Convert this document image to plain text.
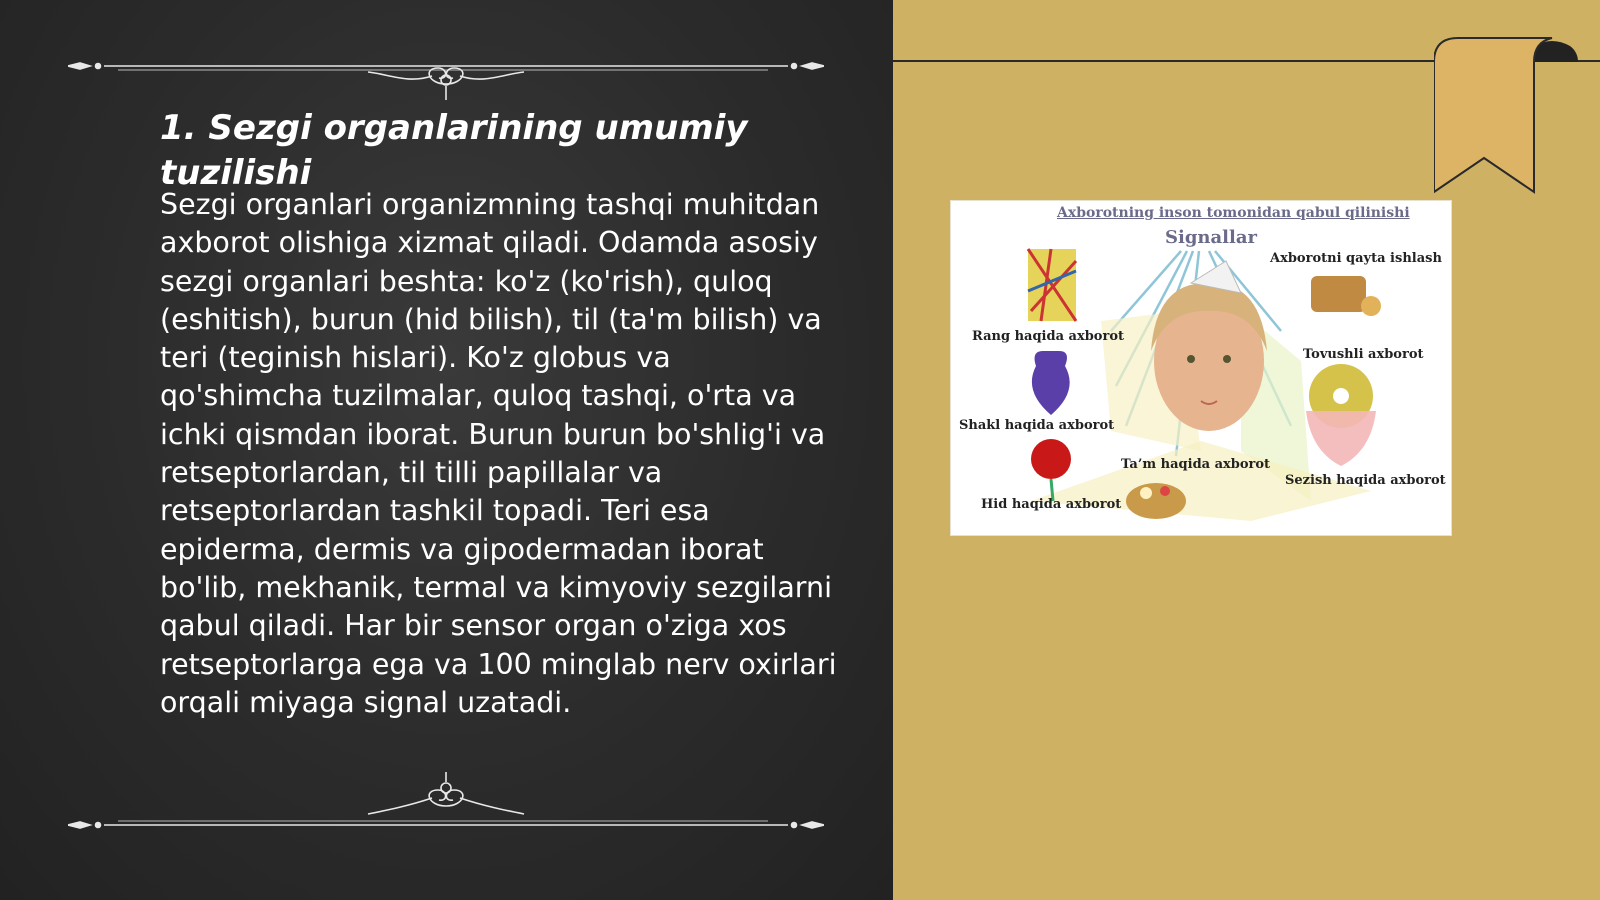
1. Sezgi organlarining umumiy tuzilishi

Sezgi organlari organizmning tashqi muhitdan axborot olishiga xizmat qiladi. Odamda asosiy sezgi organlari beshta: ko'z (ko'rish), quloq (eshitish), burun (hid bilish), til (ta'm bilish) va teri (teginish hislari). Ko'z globus va qo'shimcha tuzilmalar, quloq tashqi, o'rta va ichki qismdan iborat. Burun burun bo'shlig'i va retseptorlardan, til tilli papillalar va retseptorlardan tashkil topadi. Teri esa epiderma, dermis va gipodermadan iborat bo'lib, mekhanik, termal va kimyoviy sezgilarni qabul qiladi. Har bir sensor organ o'ziga xos retseptorlarga ega va 100 minglab nerv oxirlari orqali miyaga signal uzatadi.

Axborotning inson tomonidan qabul qilinishi
Signallar
Rang haqida axborot
Axborotni qayta ishlash
Tovushli axborot
Shakl haqida axborot
Ta’m haqida axborot
Hid haqida axborot
Sezish haqida axborot
